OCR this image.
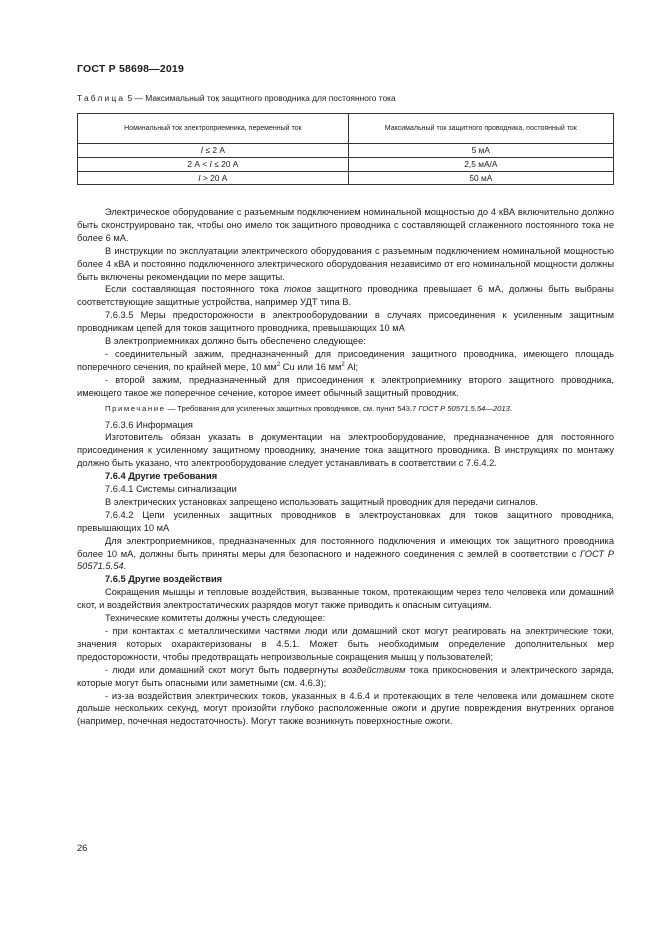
ГОСТ Р 58698—2019
Таблица 5 — Максимальный ток защитного проводника для постоянного тока
Номинальный ток электроприемника, переменный ток	Максимальный ток защитного проводника, постоянный ток
I ≤ 2 А	5 мА
2 А < I ≤ 20 А	2,5 мА/А
I > 20 А	50 мА

Электрическое оборудование с разъемным подключением номинальной мощностью до 4 кВА включительно должно быть сконструировано так, чтобы оно имело ток защитного проводника с составляющей сглаженного постоянного тока не более 6 мА.

В инструкции по эксплуатации электрического оборудования с разъемным подключением номинальной мощностью более 4 кВА и постоянно подключенного электрического оборудования независимо от его номинальной мощности должны быть включены рекомендации по мере защиты.

Если составляющая постоянного тока токов защитного проводника превышает 6 мА, должны быть выбраны соответствующие защитные устройства, например УДТ типа В.

7.6.3.5 Меры предосторожности в электрооборудовании в случаях присоединения к усиленным защитным проводникам цепей для токов защитного проводника, превышающих 10 мА

В электроприемниках должно быть обеспечено следующее:

- соединительный зажим, предназначенный для присоединения защитного проводника, имеющего площадь поперечного сечения, по крайней мере, 10 $мм^2$ Cu или 16 $мм^2$ Al;

- второй зажим, предназначенный для присоединения к электроприемнику второго защитного проводника, имеющего такое же поперечное сечение, которое имеет обычный защитный проводник.

Примечание — Требования для усиленных защитных проводников, см. пункт 543.7 ГОСТ Р 50571.5.54—2013.

7.6.3.6 Информация

Изготовитель обязан указать в документации на электрооборудование, предназначенное для постоянного присоединения к усиленному защитному проводнику, значение тока защитного проводника. В инструкциях по монтажу должно быть указано, что электрооборудование следует устанавливать в соответствии с 7.6.4.2.

7.6.4 Другие требования

7.6.4.1 Системы сигнализации

В электрических установках запрещено использовать защитный проводник для передачи сигналов.

7.6.4.2 Цепи усиленных защитных проводников в электроустановках для токов защитного проводника, превышающих 10 мА

Для электроприемников, предназначенных для постоянного подключения и имеющих ток защитного проводника более 10 мА, должны быть приняты меры для безопасного и надежного соединения с землей в соответствии с ГОСТ Р 50571.5.54.

7.6.5 Другие воздействия

Сокращения мышцы и тепловые воздействия, вызванные током, протекающим через тело человека или домашний скот, и воздействия электростатических разрядов могут также приводить к опасным ситуациям.

Технические комитеты должны учесть следующее:

- при контактах с металлическими частями люди или домашний скот могут реагировать на электрические токи, значения которых охарактеризованы в 4.5.1. Может быть необходимым определение дополнительных мер предосторожности, чтобы предотвращать непроизвольные сокращения мышц у пользователей;

- люди или домашний скот могут быть подвергнуты воздействиям тока прикосновения и электрического заряда, которые могут быть опасными или заметными (см. 4.6.3);

- из-за воздействия электрических токов, указанных в 4.6.4 и протекающих в теле человека или домашнем скоте дольше нескольких секунд, могут произойти глубоко расположенные ожоги и другие повреждения внутренних органов (например, почечная недостаточность). Могут также возникнуть поверхностные ожоги.

26
